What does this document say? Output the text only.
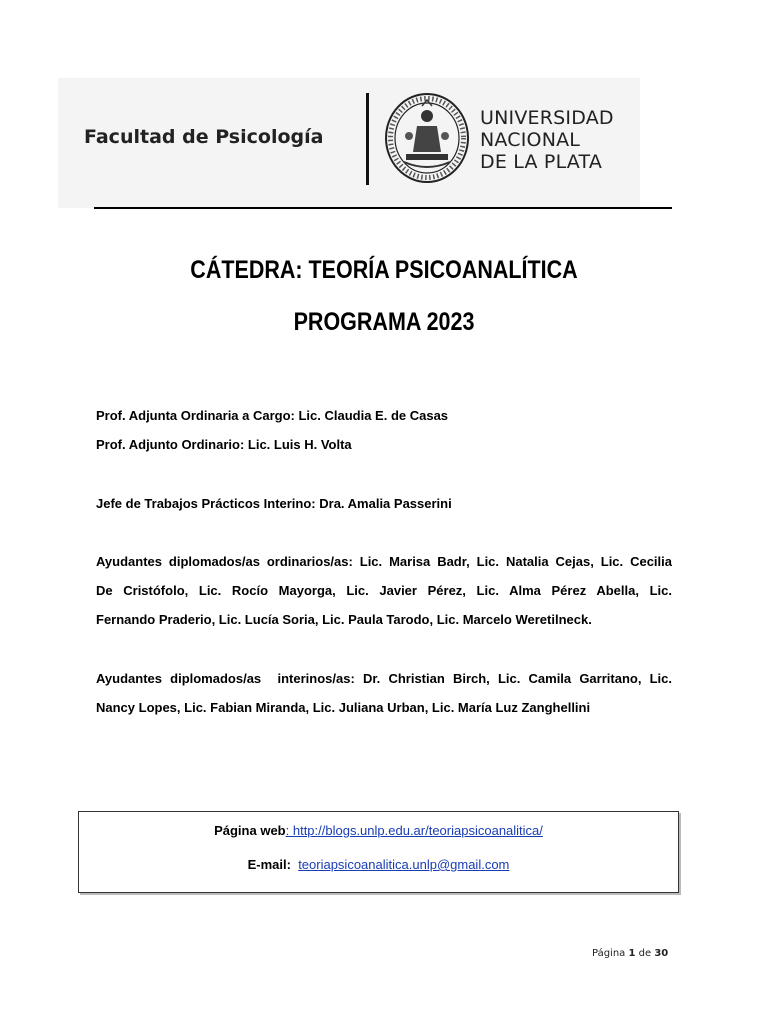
Facultad de Psicología
UNIVERSIDAD
NACIONAL
DE LA PLATA
CÁTEDRA: TEORÍA PSICOANALÍTICA
PROGRAMA 2023
Prof. Adjunta Ordinaria a Cargo: Lic. Claudia E. de Casas
Prof. Adjunto Ordinario: Lic. Luis H. Volta
Jefe de Trabajos Prácticos Interino: Dra. Amalia Passerini
Ayudantes diplomados/as ordinarios/as: Lic. Marisa Badr, Lic. Natalia Cejas, Lic. Cecilia
De Cristófolo, Lic. Rocío Mayorga, Lic. Javier Pérez, Lic. Alma Pérez Abella, Lic.
Fernando Praderio, Lic. Lucía Soria, Lic. Paula Tarodo, Lic. Marcelo Weretilneck.
Ayudantes diplomados/as  interinos/as: Dr. Christian Birch, Lic. Camila Garritano, Lic.
Nancy Lopes, Lic. Fabian Miranda, Lic. Juliana Urban, Lic. María Luz Zanghellini
Página web: http://blogs.unlp.edu.ar/teoriapsicoanalitica/
E-mail: teoriapsicoanalitica.unlp@gmail.com
Página 1 de 30
